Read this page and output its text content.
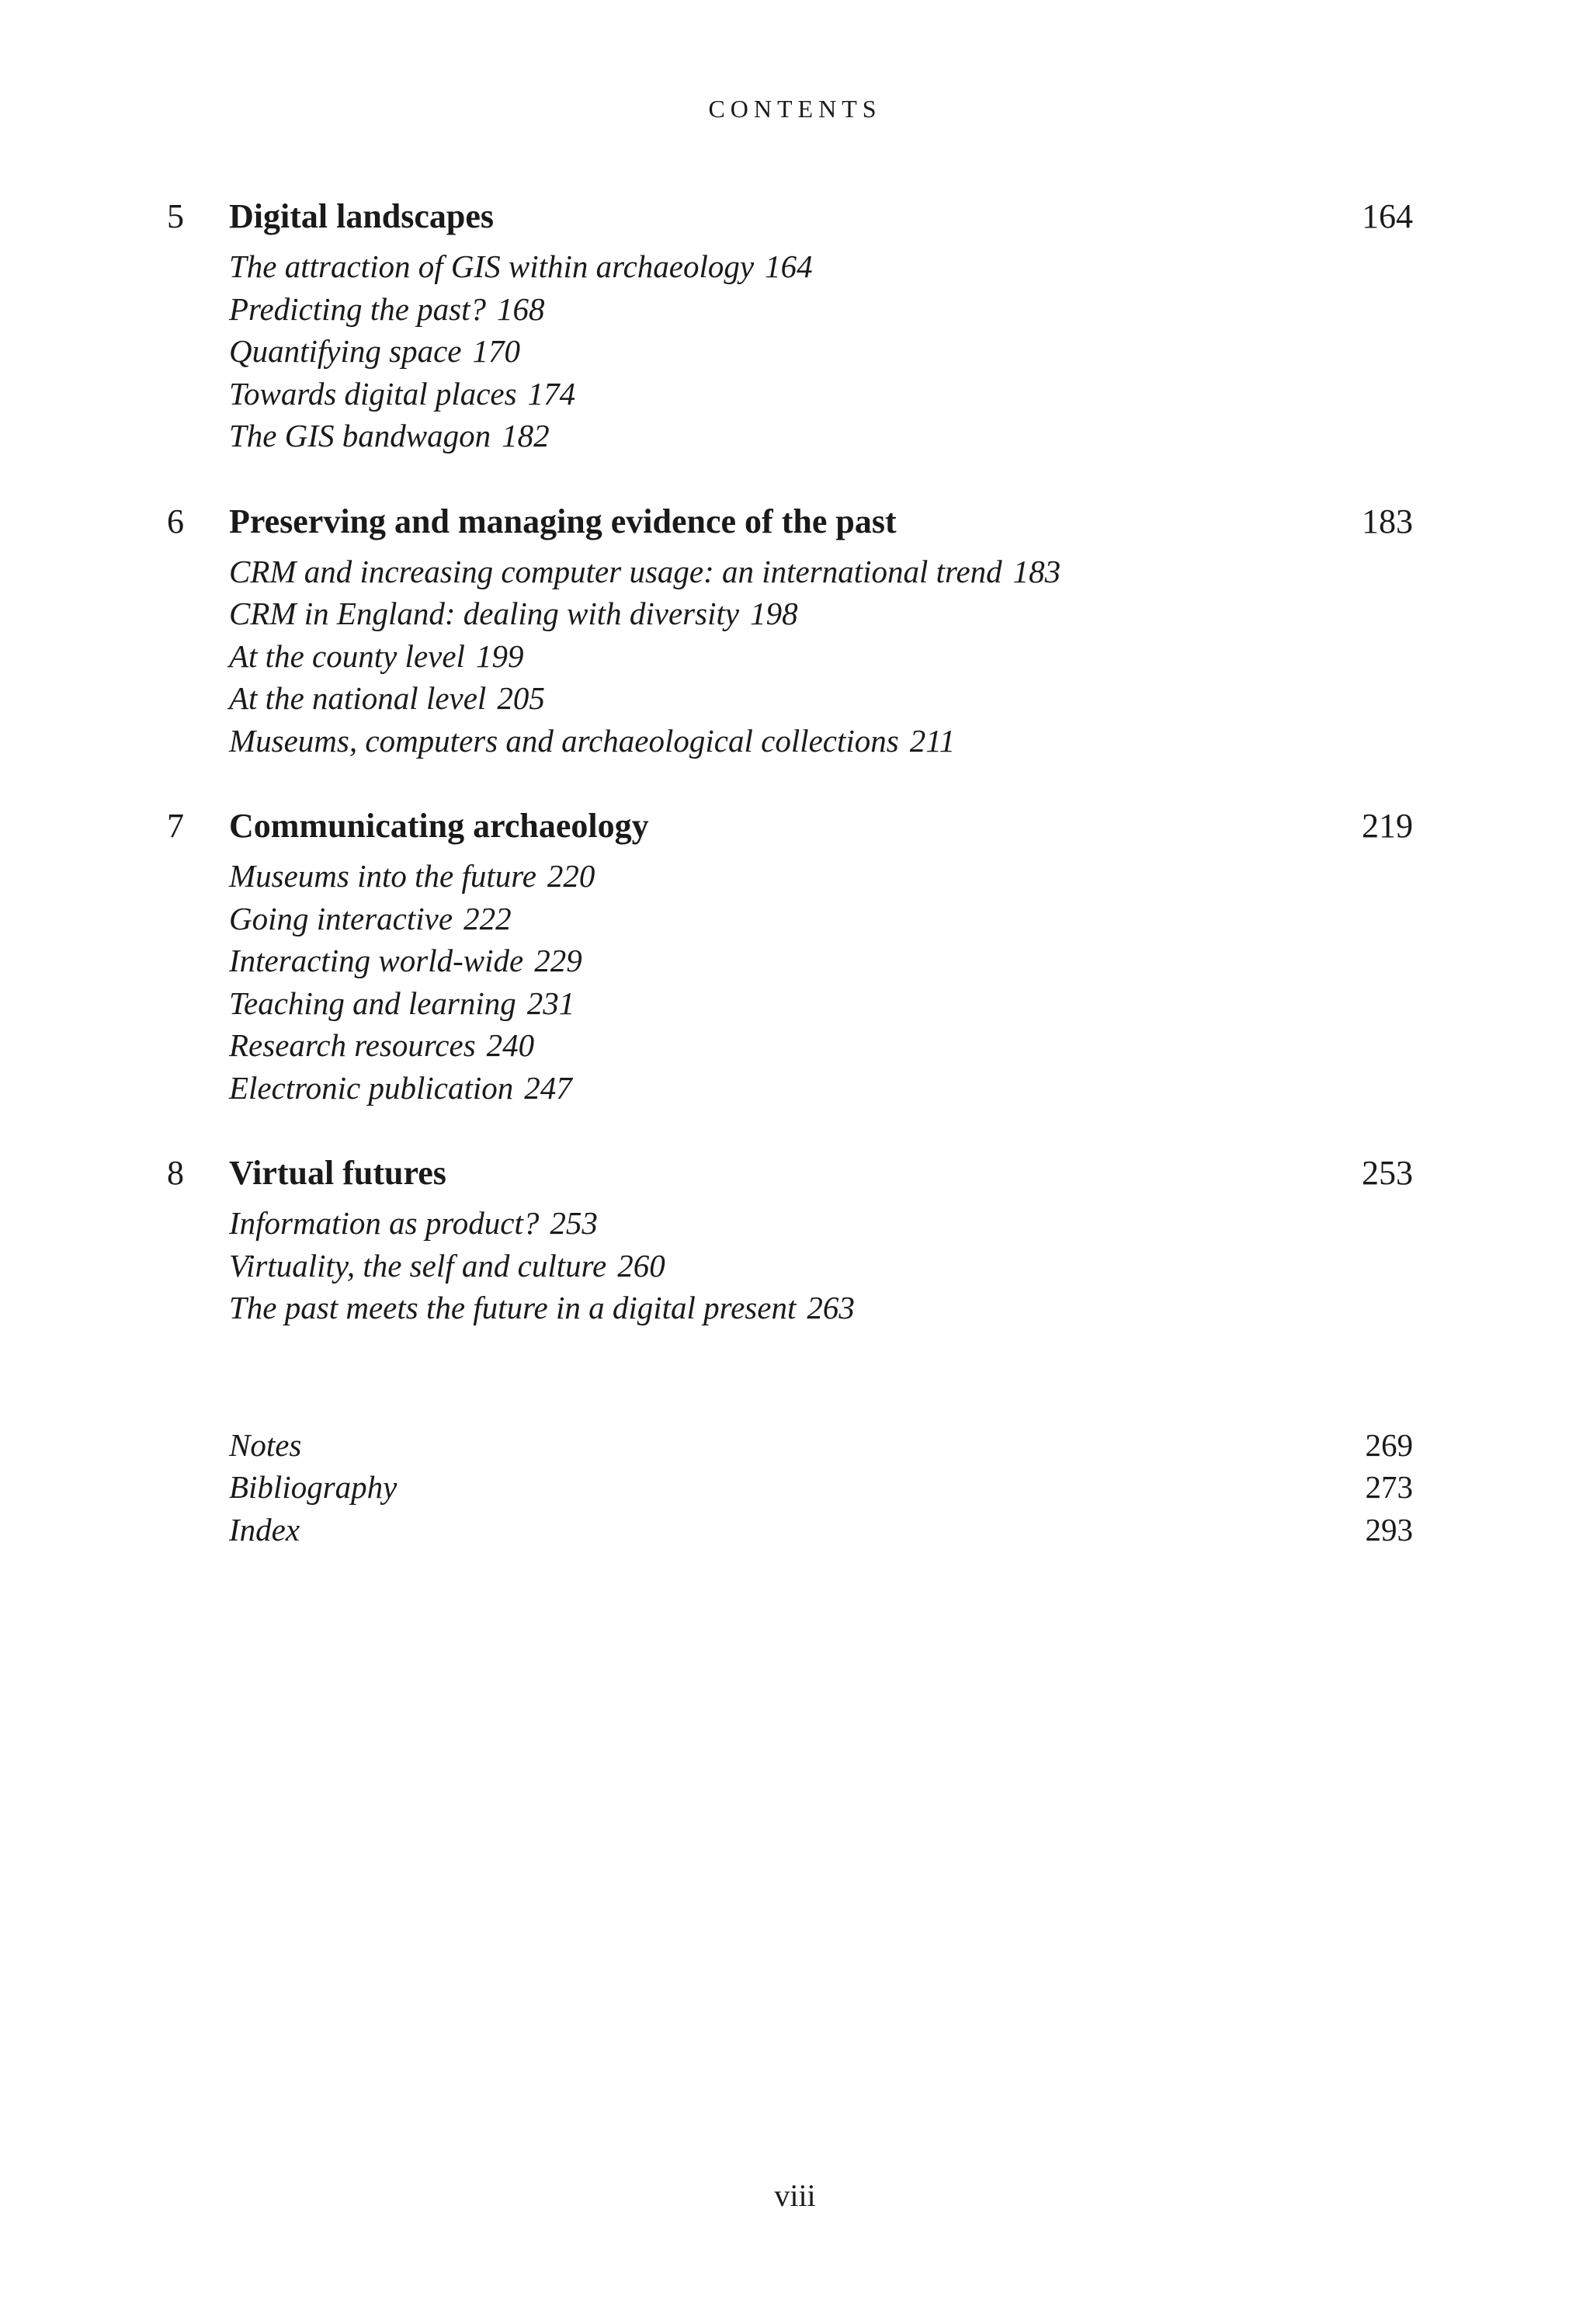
CONTENTS
5 Digital landscapes	164
The attraction of GIS within archaeology 164
Predicting the past? 168
Quantifying space 170
Towards digital places 174
The GIS bandwagon 182
6 Preserving and managing evidence of the past	183
CRM and increasing computer usage: an international trend 183
CRM in England: dealing with diversity 198
At the county level 199
At the national level 205
Museums, computers and archaeological collections 211
7 Communicating archaeology	219
Museums into the future 220
Going interactive 222
Interacting world-wide 229
Teaching and learning 231
Research resources 240
Electronic publication 247
8 Virtual futures	253
Information as product? 253
Virtuality, the self and culture 260
The past meets the future in a digital present 263
Notes	269
Bibliography	273
Index	293
viii
